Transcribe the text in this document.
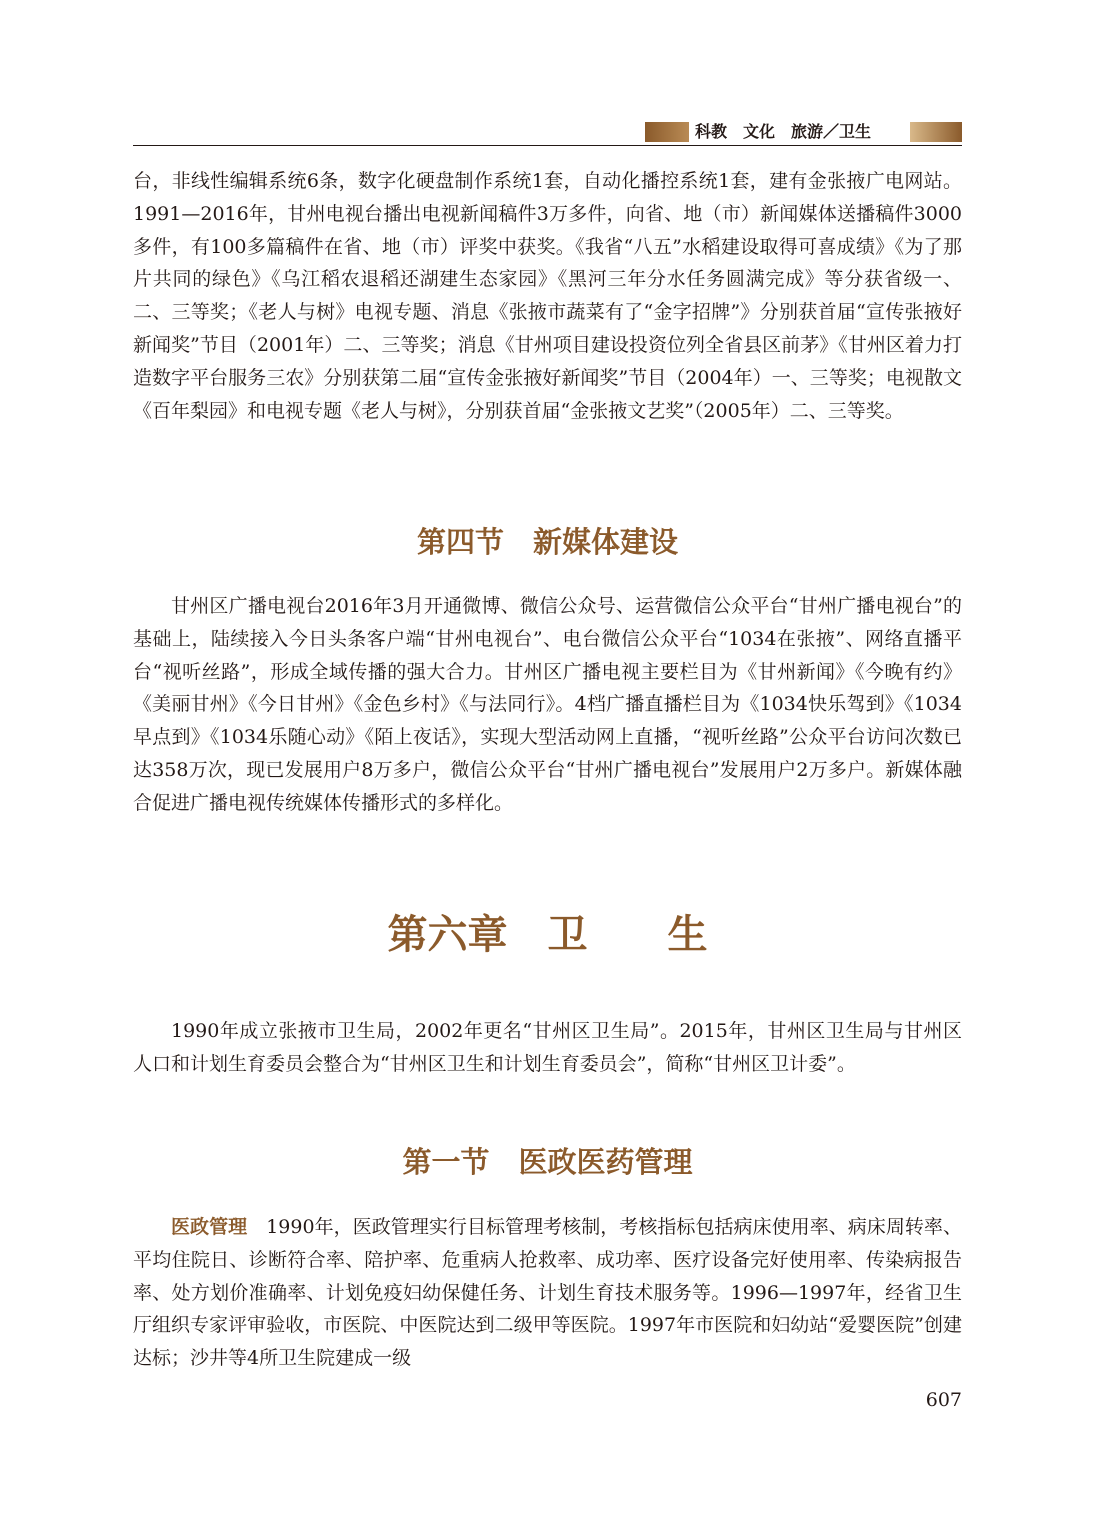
科教　文化　旅游／卫生

台，非线性编辑系统6条，数字化硬盘制作系统1套，自动化播控系统1套，建有金张掖广电网站。1991—2016年，甘州电视台播出电视新闻稿件3万多件，向省、地（市）新闻媒体送播稿件3000多件，有100多篇稿件在省、地（市）评奖中获奖。《我省“八五”水稻建设取得可喜成绩》《为了那片共同的绿色》《乌江稻农退稻还湖建生态家园》《黑河三年分水任务圆满完成》等分获省级一、二、三等奖；《老人与树》电视专题、消息《张掖市蔬菜有了“金字招牌”》分别获首届“宣传张掖好新闻奖”节目（2001年）二、三等奖；消息《甘州项目建设投资位列全省县区前茅》《甘州区着力打造数字平台服务三农》分别获第二届“宣传金张掖好新闻奖”节目（2004年）一、三等奖；电视散文《百年梨园》和电视专题《老人与树》，分别获首届“金张掖文艺奖”（2005年）二、三等奖。

第四节　新媒体建设

甘州区广播电视台2016年3月开通微博、微信公众号、运营微信公众平台“甘州广播电视台”的基础上，陆续接入今日头条客户端“甘州电视台”、电台微信公众平台“1034在张掖”、网络直播平台“视听丝路”，形成全域传播的强大合力。甘州区广播电视主要栏目为《甘州新闻》《今晚有约》《美丽甘州》《今日甘州》《金色乡村》《与法同行》。4档广播直播栏目为《1034快乐驾到》《1034早点到》《1034乐随心动》《陌上夜话》，实现大型活动网上直播，“视听丝路”公众平台访问次数已达358万次，现已发展用户8万多户，微信公众平台“甘州广播电视台”发展用户2万多户。新媒体融合促进广播电视传统媒体传播形式的多样化。

第六章　卫　　生

1990年成立张掖市卫生局，2002年更名“甘州区卫生局”。2015年，甘州区卫生局与甘州区人口和计划生育委员会整合为“甘州区卫生和计划生育委员会”，简称“甘州区卫计委”。

第一节　医政医药管理

医政管理　 1990年，医政管理实行目标管理考核制，考核指标包括病床使用率、病床周转率、平均住院日、诊断符合率、陪护率、危重病人抢救率、成功率、医疗设备完好使用率、传染病报告率、处方划价准确率、计划免疫妇幼保健任务、计划生育技术服务等。1996—1997年，经省卫生厅组织专家评审验收，市医院、中医院达到二级甲等医院。1997年市医院和妇幼站“爱婴医院”创建达标；沙井等4所卫生院建成一级

607
